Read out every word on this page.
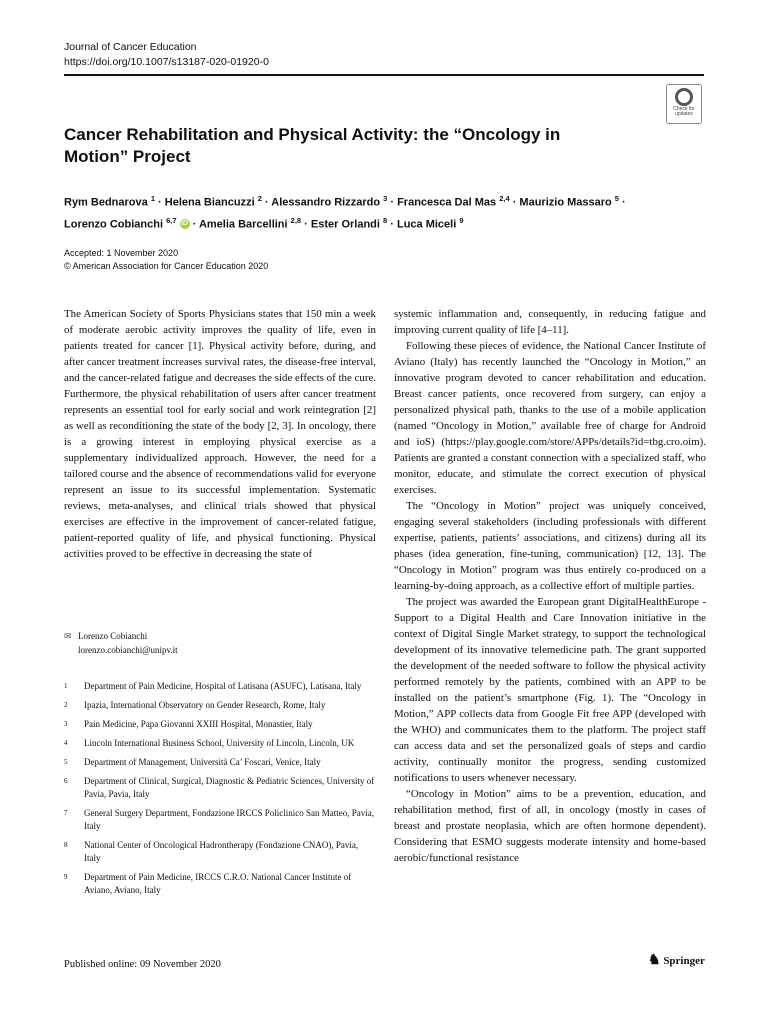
Journal of Cancer Education
https://doi.org/10.1007/s13187-020-01920-0
Check for updates
Cancer Rehabilitation and Physical Activity: the “Oncology in Motion” Project
Rym Bednarova $^1$ · Helena Biancuzzi $^2$ · Alessandro Rizzardo $^3$ · Francesca Dal Mas $^{2,4}$ · Maurizio Massaro $^5$ ·
Lorenzo Cobianchi $^{6,7}$ iD · Amelia Barcellini $^{2,8}$ · Ester Orlandi $^8$ · Luca Miceli $^9$
Accepted: 1 November 2020
© American Association for Cancer Education 2020

The American Society of Sports Physicians states that 150 min a week of moderate aerobic activity improves the quality of life, even in patients treated for cancer [1]. Physical activity before, during, and after cancer treatment increases survival rates, the disease-free interval, and the cancer-related fatigue and decreases the side effects of the cure. Furthermore, the physical rehabilitation of users after cancer treatment represents an essential tool for early social and work reintegration [2] as well as reconditioning the state of the body [2, 3]. In oncology, there is a growing interest in employing physical exercise as a supplementary individualized approach. However, the need for a tailored course and the absence of recommendations valid for everyone represent an issue to its successful implementation. Systematic reviews, meta-analyses, and clinical trials showed that physical exercises are effective in the improvement of cancer-related fatigue, patient-reported quality of life, and physical functioning. Physical activities proved to be effective in decreasing the state of

systemic inflammation and, consequently, in reducing fatigue and improving current quality of life [4–11].

Following these pieces of evidence, the National Cancer Institute of Aviano (Italy) has recently launched the “Oncology in Motion,” an innovative program devoted to cancer rehabilitation and education. Breast cancer patients, once recovered from surgery, can enjoy a personalized physical path, thanks to the use of a mobile application (named “Oncology in Motion,” available free of charge for Android and ioS) (https://play.google.com/store/APPs/details?id=tbg.cro.oim). Patients are granted a constant connection with a specialized staff, who monitor, educate, and stimulate the correct execution of physical exercises.

The “Oncology in Motion” project was uniquely conceived, engaging several stakeholders (including professionals with different expertise, patients, patients’ associations, and citizens) during all its phases (idea generation, fine-tuning, communication) [12, 13]. The “Oncology in Motion” program was thus entirely co-produced on a learning-by-doing approach, as a collective effort of multiple parties.

The project was awarded the European grant DigitalHealthEurope - Support to a Digital Health and Care Innovation initiative in the context of Digital Single Market strategy, to support the technological development of its innovative telemedicine path. The grant supported the development of the needed software to follow the physical activity performed remotely by the patients, combined with an APP to be installed on the patient’s smartphone (Fig. 1). The “Oncology in Motion,” APP collects data from Google Fit free APP (developed with the WHO) and communicates them to the platform. The project staff can access data and set the personalized goals of steps and cardio activity, continually monitor the progress, sending customized notifications to users whenever necessary.

“Oncology in Motion” aims to be a prevention, education, and rehabilitation method, first of all, in oncology (mostly in cases of breast and prostate neoplasia, which are often hormone dependent). Considering that ESMO suggests moderate intensity and home-based aerobic/functional resistance

✉ Lorenzo Cobianchi
lorenzo.cobianchi@unipv.it
1	Department of Pain Medicine, Hospital of Latisana (ASUFC), Latisana, Italy
2	Ipazia, International Observatory on Gender Research, Rome, Italy
3	Pain Medicine, Papa Giovanni XXIII Hospital, Monastier, Italy
4	Lincoln International Business School, University of Lincoln, Lincoln, UK
5	Department of Management, Università Ca’ Foscari, Venice, Italy
6	Department of Clinical, Surgical, Diagnostic & Pediatric Sciences, University of Pavia, Pavia, Italy
7	General Surgery Department, Fondazione IRCCS Policlinico San Matteo, Pavia, Italy
8	National Center of Oncological Hadrontherapy (Fondazione CNAO), Pavia, Italy
9	Department of Pain Medicine, IRCCS C.R.O. National Cancer Institute of Aviano, Aviano, Italy
Published online: 09 November 2020	♞ Springer
